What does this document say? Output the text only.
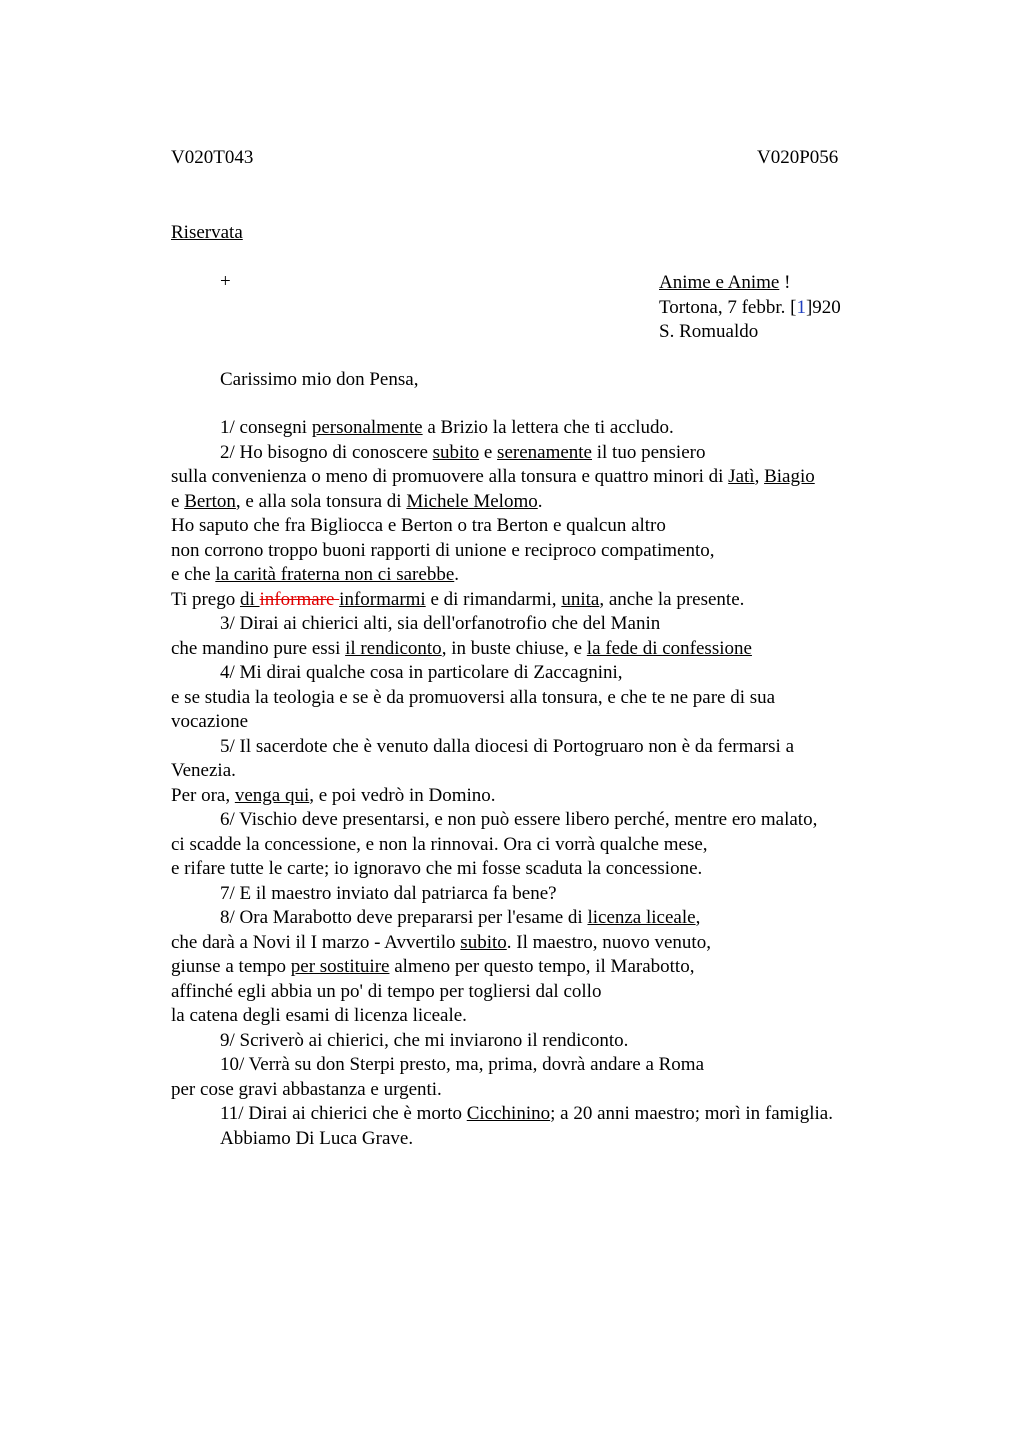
V020T043	V020P056
Riservata
+	Anime e Anime !
Tortona, 7 febbr. [1]920
S. Romualdo
Carissimo mio don Pensa,
1/ consegni personalmente a Brizio la lettera che ti accludo.
2/ Ho bisogno di conoscere subito e serenamente il tuo pensiero
sulla convenienza o meno di promuovere alla tonsura e quattro minori di Jatì, Biagio
e Berton, e alla sola tonsura di Michele Melomo.
Ho saputo che fra Bigliocca e Berton o tra Berton e qualcun altro
non corrono troppo buoni rapporti di unione e reciproco compatimento,
e che la carità fraterna non ci sarebbe.
Ti prego di informare informarmi e di rimandarmi, unita, anche la presente.
3/ Dirai ai chierici alti, sia dell'orfanotrofio che del Manin
che mandino pure essi il rendiconto, in buste chiuse, e la fede di confessione
4/ Mi dirai qualche cosa in particolare di Zaccagnini,
e se studia la teologia e se è da promuoversi alla tonsura, e che te ne pare di sua
vocazione
5/ Il sacerdote che è venuto dalla diocesi di Portogruaro non è da fermarsi a
Venezia.
Per ora, venga qui, e poi vedrò in Domino.
6/ Vischio deve presentarsi, e non può essere libero perché, mentre ero malato,
ci scadde la concessione, e non la rinnovai. Ora ci vorrà qualche mese,
e rifare tutte le carte; io ignoravo che mi fosse scaduta la concessione.
7/ E il maestro inviato dal patriarca fa bene?
8/ Ora Marabotto deve prepararsi per l'esame di licenza liceale,
che darà a Novi il I marzo - Avvertilo subito. Il maestro, nuovo venuto,
giunse a tempo per sostituire almeno per questo tempo, il Marabotto,
affinché egli abbia un po' di tempo per togliersi dal collo
la catena degli esami di licenza liceale.
9/ Scriverò ai chierici, che mi inviarono il rendiconto.
10/ Verrà su don Sterpi presto, ma, prima, dovrà andare a Roma
per cose gravi abbastanza e urgenti.
11/ Dirai ai chierici che è morto Cicchinino; a 20 anni maestro; morì in famiglia.
Abbiamo Di Luca Grave.
